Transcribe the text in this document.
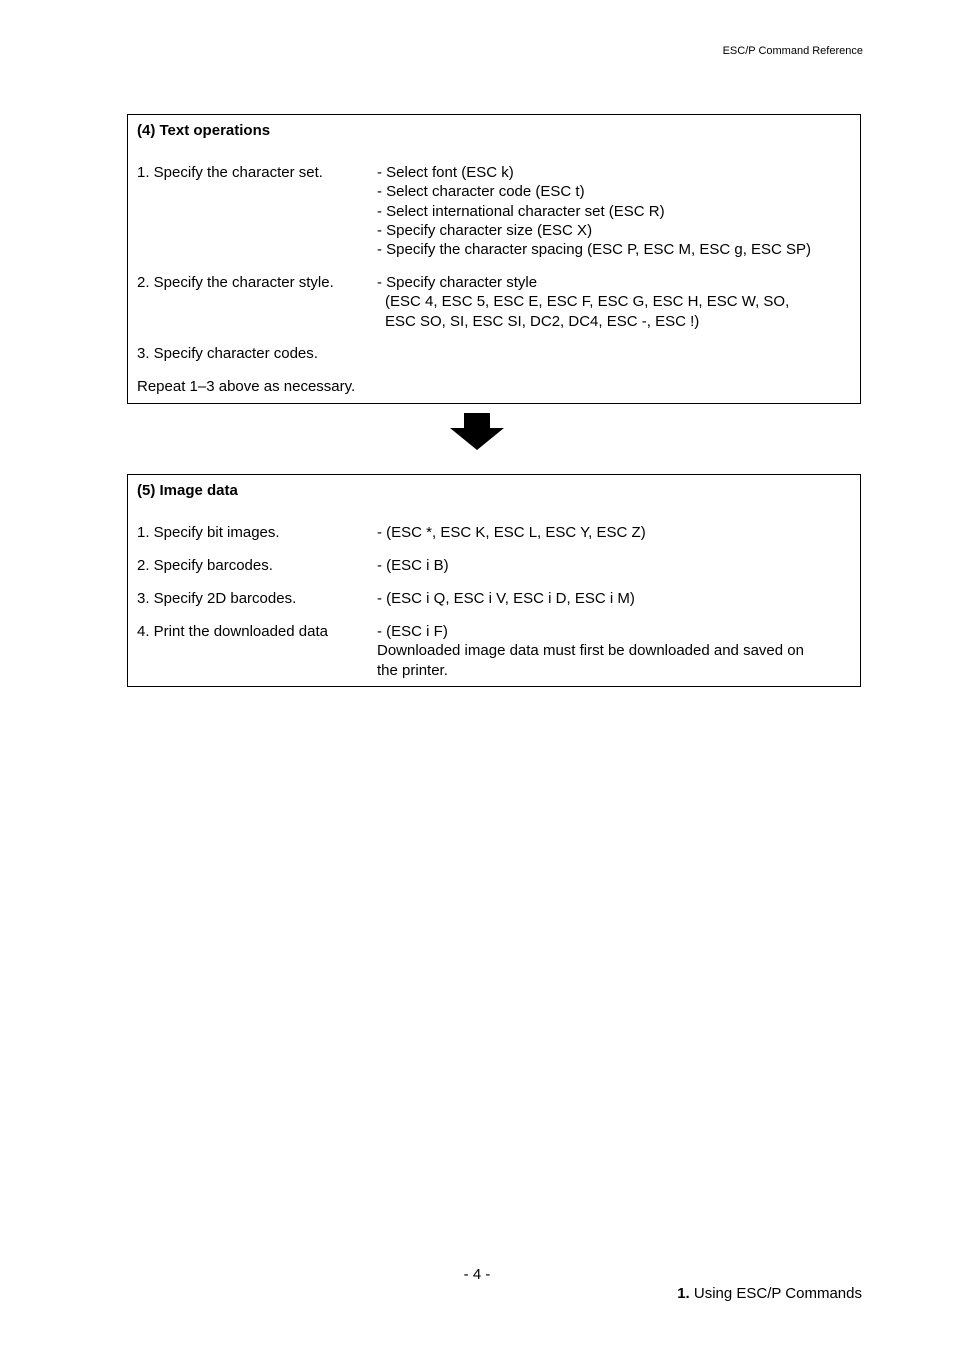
ESC/P Command Reference
(4) Text operations
1. Specify the character set.	- Select font (ESC k)
- Select character code (ESC t)
- Select international character set (ESC R)
- Specify character size (ESC X)
- Specify the character spacing (ESC P, ESC M, ESC g, ESC SP)
2. Specify the character style.	- Specify character style
(ESC 4, ESC 5, ESC E, ESC F, ESC G, ESC H, ESC W, SO,
ESC SO, SI, ESC SI, DC2, DC4, ESC -, ESC !)
3. Specify character codes.
Repeat 1–3 above as necessary.
(5) Image data
1. Specify bit images.	- (ESC *, ESC K, ESC L, ESC Y, ESC Z)
2. Specify barcodes.	- (ESC i B)
3. Specify 2D barcodes.	- (ESC i Q, ESC i V, ESC i D, ESC i M)
4. Print the downloaded data	- (ESC i F)
Downloaded image data must first be downloaded and saved on
the printer.
- 4 -
1. Using ESC/P Commands
